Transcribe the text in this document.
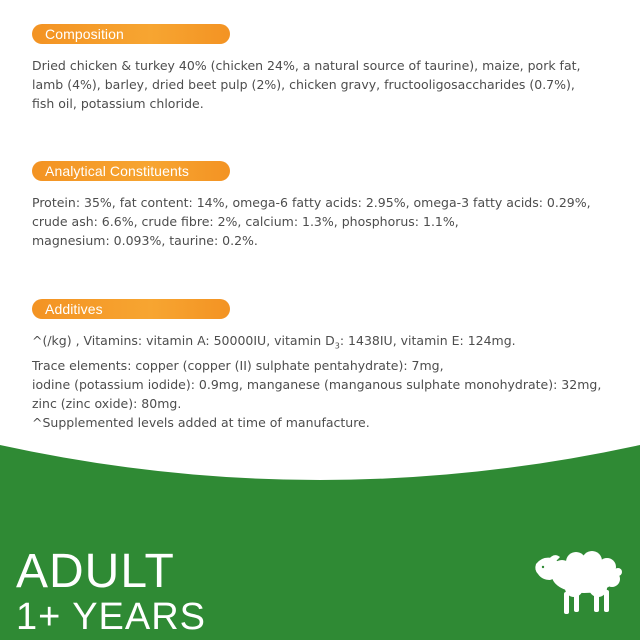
Composition

Dried chicken & turkey 40% (chicken 24%, a natural source of taurine), maize, pork fat,

lamb (4%), barley, dried beet pulp (2%), chicken gravy, fructooligosaccharides (0.7%),

fish oil, potassium chloride.

Analytical Constituents

Protein: 35%, fat content: 14%, omega-6 fatty acids: 2.95%, omega-3 fatty acids: 0.29%,

crude ash: 6.6%, crude fibre: 2%, calcium: 1.3%, phosphorus: 1.1%,

magnesium: 0.093%, taurine: 0.2%.

Additives

^(/kg) , Vitamins: vitamin A: 50000IU, vitamin $D_3$: 1438IU, vitamin E: 124mg.

Trace elements: copper (copper (II) sulphate pentahydrate): 7mg,

iodine (potassium iodide): 0.9mg, manganese (manganous sulphate monohydrate): 32mg,

zinc (zinc oxide): 80mg.

^Supplemented levels added at time of manufacture.

ADULT
1+ YEARS
